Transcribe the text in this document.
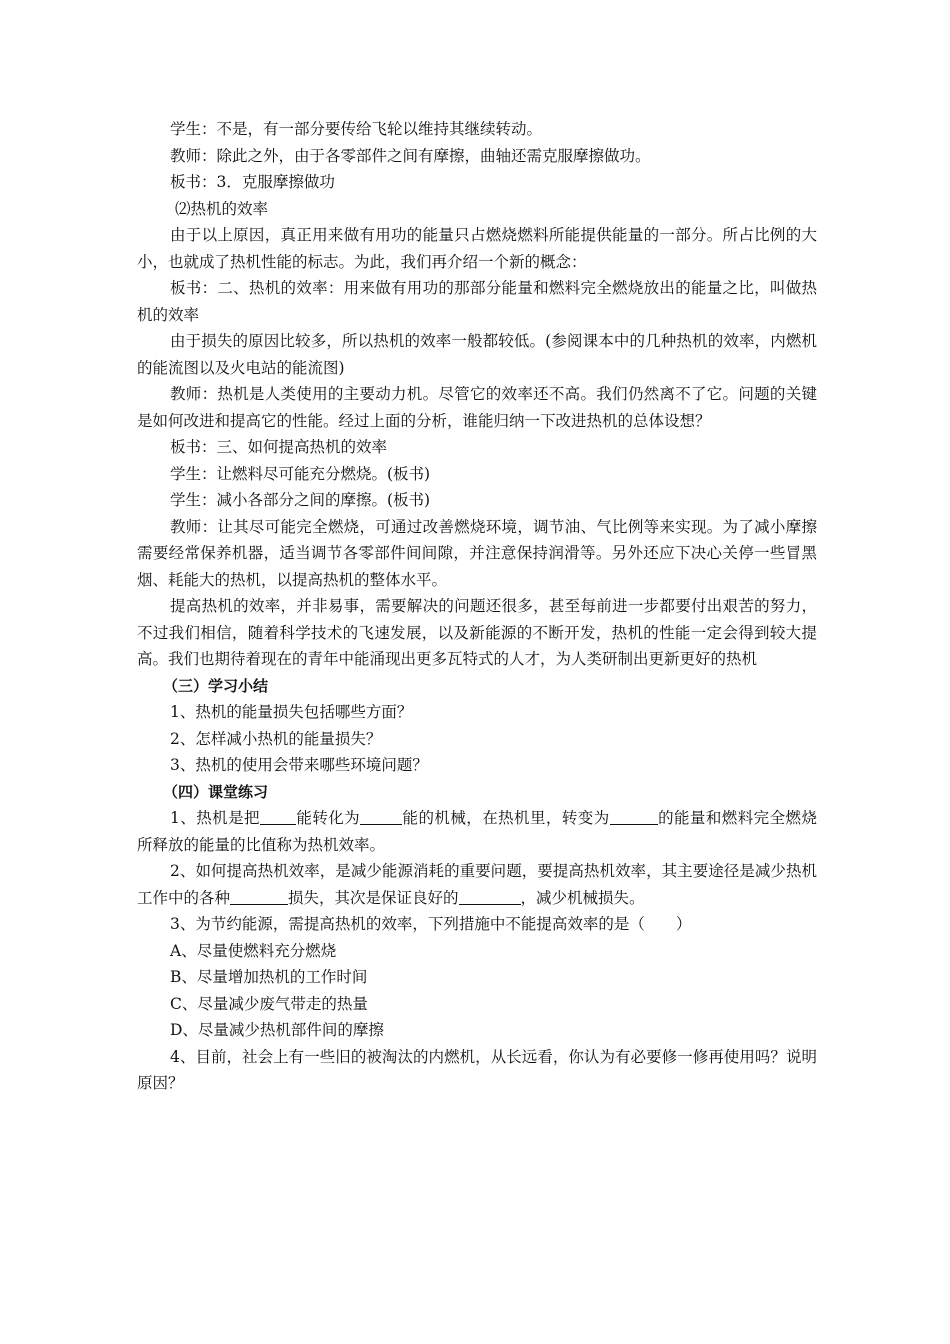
学生：不是，有一部分要传给飞轮以维持其继续转动。

教师：除此之外，由于各零部件之间有摩擦，曲轴还需克服摩擦做功。

板书：3．克服摩擦做功

⑵热机的效率

由于以上原因，真正用来做有用功的能量只占燃烧燃料所能提供能量的一部分。所占比例的大小，也就成了热机性能的标志。为此，我们再介绍一个新的概念：

板书：二、热机的效率：用来做有用功的那部分能量和燃料完全燃烧放出的能量之比，叫做热机的效率

由于损失的原因比较多，所以热机的效率一般都较低。(参阅课本中的几种热机的效率，内燃机的能流图以及火电站的能流图)

教师：热机是人类使用的主要动力机。尽管它的效率还不高。我们仍然离不了它。问题的关键是如何改进和提高它的性能。经过上面的分析，谁能归纳一下改进热机的总体设想？

板书：三、如何提高热机的效率

学生：让燃料尽可能充分燃烧。(板书)

学生：减小各部分之间的摩擦。(板书)

教师：让其尽可能完全燃烧，可通过改善燃烧环境，调节油、气比例等来实现。为了减小摩擦需要经常保养机器，适当调节各零部件间间隙，并注意保持润滑等。另外还应下决心关停一些冒黑烟、耗能大的热机，以提高热机的整体水平。

提高热机的效率，并非易事，需要解决的问题还很多，甚至每前进一步都要付出艰苦的努力，不过我们相信，随着科学技术的飞速发展，以及新能源的不断开发，热机的性能一定会得到较大提高。我们也期待着现在的青年中能涌现出更多瓦特式的人才，为人类研制出更新更好的热机

（三）学习小结

1、热机的能量损失包括哪些方面？

2、怎样减小热机的能量损失？

3、热机的使用会带来哪些环境问题？

（四）课堂练习

1、热机是把 能转化为	能的机械，在热机里，转变为	的能量和燃料完全燃烧所释放的能量的比值称为热机效率。

2、如何提高热机效率，是减少能源消耗的重要问题，要提高热机效率，其主要途径是减少热机工作中的各种	损失，其次是保证良好的	，减少机械损失。

3、为节约能源，需提高热机的效率，下列措施中不能提高效率的是（　　）

A、尽量使燃料充分燃烧

B、尽量增加热机的工作时间

C、尽量减少废气带走的热量

D、尽量减少热机部件间的摩擦

4、目前，社会上有一些旧的被淘汰的内燃机，从长远看，你认为有必要修一修再使用吗？说明原因？
